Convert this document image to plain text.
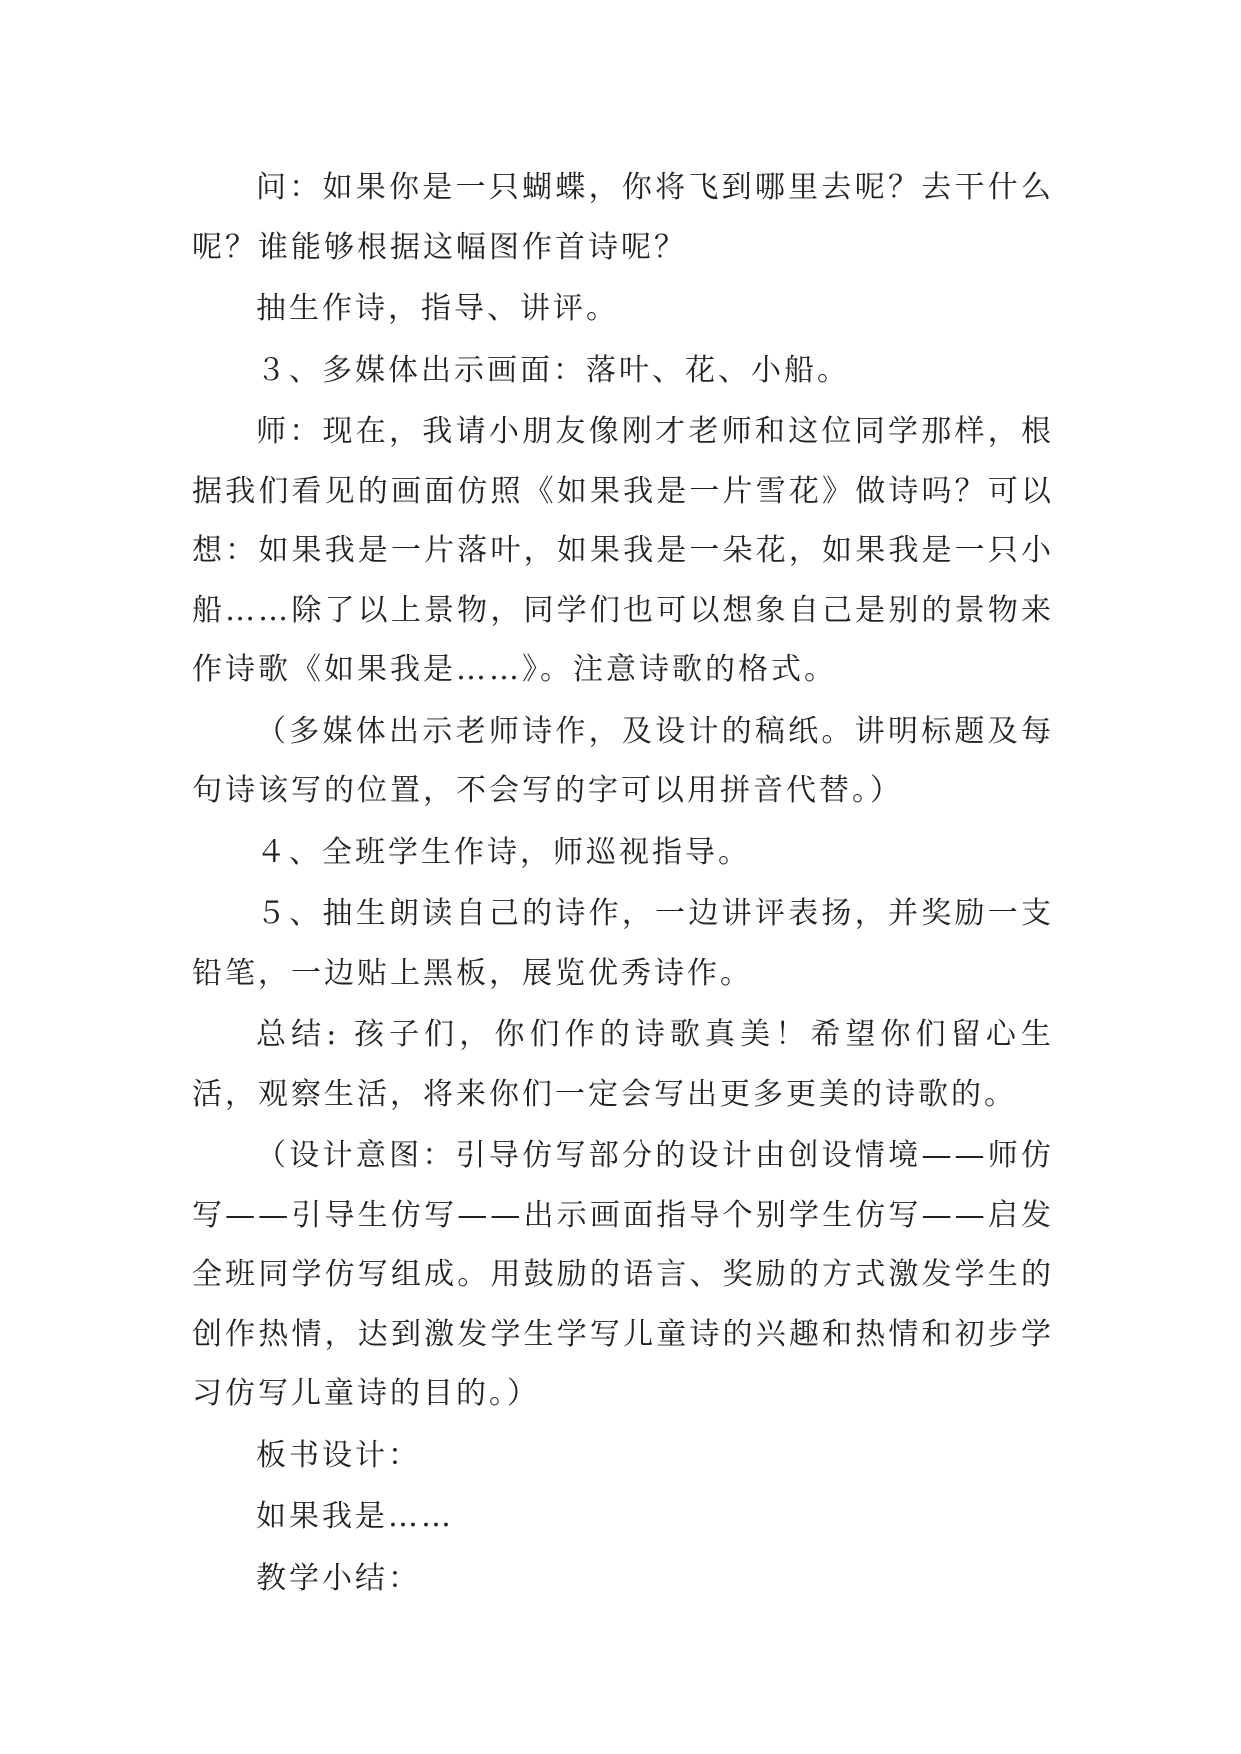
问：如果你是一只蝴蝶，你将飞到哪里去呢？去干什么呢？谁能够根据这幅图作首诗呢？

抽生作诗，指导、讲评。

３、多媒体出示画面：落叶、花、小船。

师：现在，我请小朋友像刚才老师和这位同学那样，根据我们看见的画面仿照《如果我是一片雪花》做诗吗？可以想：如果我是一片落叶，如果我是一朵花，如果我是一只小船……除了以上景物，同学们也可以想象自己是别的景物来作诗歌《如果我是……》。注意诗歌的格式。

（多媒体出示老师诗作，及设计的稿纸。讲明标题及每句诗该写的位置，不会写的字可以用拼音代替。）

４、全班学生作诗，师巡视指导。

５、抽生朗读自己的诗作，一边讲评表扬，并奖励一支铅笔，一边贴上黑板，展览优秀诗作。

总结: 孩子们，你们作的诗歌真美！希望你们留心生活，观察生活，将来你们一定会写出更多更美的诗歌的。

（设计意图：引导仿写部分的设计由创设情境——师仿写——引导生仿写——出示画面指导个别学生仿写——启发全班同学仿写组成。用鼓励的语言、奖励的方式激发学生的创作热情，达到激发学生学写儿童诗的兴趣和热情和初步学习仿写儿童诗的目的。）

板书设计：

如果我是……

教学小结：
